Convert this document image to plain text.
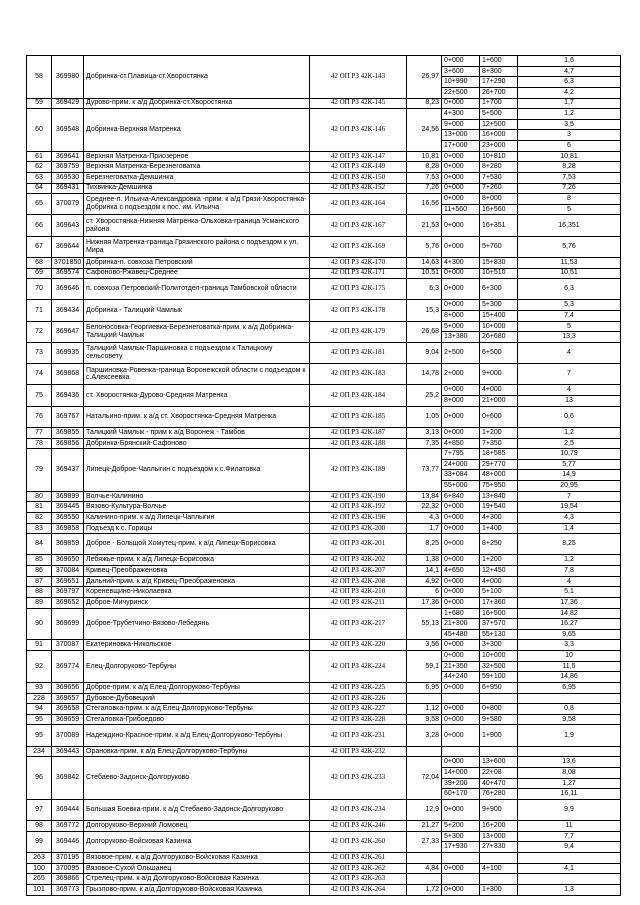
58	369980	Добринка-ст.Плавица-ст.Хворостянка	42 ОП РЗ 42К-143	26,97	0+000	1+600	1,6
					3+600	8+300	4,7
					10+990	17+290	6,3
					22+500	26+700	4,2
59	369429	Дурово-прим. к а/д Добринка-ст.Хворостянка	42 ОП РЗ 42К-145	8,23	0+000	1+700	1,7
60	369548	Добринка-Верхняя Матренка	42 ОП РЗ 42К-146	24,56	4+300	5+500	1,2
					9+000	12+500	3,5
					13+000	16+000	3
					17+000	23+000	6
61	369641	Верхняя Матренка-Приозерное	42 ОП РЗ 42К-147	10,81	0+000	10+810	10,81
62	369759	Верхняя Матренка-Березнеговатка	42 ОП РЗ 42К-149	8,28	0+000	8+280	8,28
63	369530	Березнеговатка-Демшинка	42 ОП РЗ 42К-150	7,53	0+000	7+530	7,53
64	369431	Тихвинка-Демшинка	42 ОП РЗ 42К-152	7,26	0+000	7+260	7,26
65	370079	Среднее-п. Ильича-Александровка -прим. к а/д Грязи-Хворостянка-Добринка с подъездом к пос. им. Ильича	42 ОП РЗ 42К-164	16,56	0+000	8+000	8
					11+560	16+560	5
66	369643	ст. Хворостянка-Нижняя Матренка-Ольховка-граница Усманского района	42 ОП РЗ 42К-167	21,53	0+000	16+351	16,351
67	369644	Нижняя Матренка-граница Грязинского района с подъездом к ул. Мира	42 ОП РЗ 42К-169	5,76	0+000	5+760	5,76
68	3701850	Добринка-п. совхоза Петровский	42 ОП РЗ 42К-170	14,63	4+300	15+830	11,53
69	369574	Сафоново-Ржавец-Среднее	42 ОП РЗ 42К-171	10,51	0+000	10+510	10,51
70	369646	п. совхоза Петровский-Политотдел-граница Тамбовской области	42 ОП РЗ 42К-175	6,3	0+000	6+300	6,3
71	369434	Добринка - Талицкий Чамлык	42 ОП РЗ 42К-178	15,3	0+000	5+300	5,3
					8+000	15+400	7,4
72	369647	Белоносовка-Георгиевка-Березнеговатка-прим. к а/д Добринка-Талицкий Чамлык	42 ОП РЗ 42К-179	26,68	5+000	10+000	5
					13+380	26+680	13,3
73	369935	Талицкий Чамлык-Паршиновка с подъездом к Талицкому сельсовету	42 ОП РЗ 42К-181	9,04	2+500	6+500	4
74	369868	Паршиновка-Ровенка-граница Воронежской области с подъездом к с.Алексеевка	42 ОП РЗ 42К-183	14,78	2+000	9+000	7
75	369436	ст. Хворостянка-Дурово-Средняя Матренка	42 ОП РЗ 42К-184	25,2	0+000	4+000	4
					8+000	21+000	13
76	369767	Натальино-прим. к а/д ст. Хворостянка-Средняя Матренка	42 ОП РЗ 42К-185	1,05	0+000	0+600	0,6
77	369855	Талицкий Чамлык - прим к а/д Воронеж - Тамбов	42 ОП РЗ 42К-187	3,13	0+000	1+200	1,2
78	369856	Добринка-Брянский-Сафоново	42 ОП РЗ 42К-188	7,35	4+850	7+350	2,5
79	369437	Липецк-Доброе-Чаплыгин с подъездом к с.Филатовка	42 ОП РЗ 42К-189	73,77	7+795	18+585	10,79
					24+000	29+770	5,77
					33+084	48+000	14,9
					55+000	75+950	20,95
80	369899	Волчье-Калинино	42 ОП РЗ 42К-190	13,84	6+840	13+840	7
81	369445	Вязово-Культура-Волчье	42 ОП РЗ 42К-192	22,32	0+000	19+540	19,54
82	369550	Калинино-прим. к а/д Липецк-Чаплыгин	42 ОП РЗ 42К-196	4,3	0+000	4+300	4,3
83	369858	Подъезд к с. Горицы	42 ОП РЗ 42К-200	1,7	0+000	1+400	1,4
84	369859	Доброе - Большой Хомутец-прим. к а/д Липецк-Борисовка	42 ОП РЗ 42К-201	8,25	0+000	8+250	8,25
85	369650	Лебяжье-прим. к а/д Липецк-Борисовка	42 ОП РЗ 42К-202	1,38	0+000	1+200	1,2
86	370084	Кривец-Преображеновка	42 ОП РЗ 42К-207	14,1	4+650	12+450	7,8
87	369651	Дальний-прим. к а/д Кривец-Преображеновка	42 ОП РЗ 42К-208	4,92	0+000	4+000	4
88	369797	Кореневщино-Николаевка	42 ОП РЗ 42К-210	6	0+000	5+100	5,1
89	369652	Доброе-Мичуринск	42 ОП РЗ 42К-211	17,36	0+000	17+360	17,36
90	369699	Доброе-Трубетчино-Вязово-Лебедянь	42 ОП РЗ 42К-217	55,13	1+680	16+500	14,82
					21+300	37+570	16,27
					45+480	55+130	9,65
91	370087	Екатериновка-Никольское	42 ОП РЗ 42К-220	3,56	0+000	3+300	3,3
92	369774	Елец-Долгоруково-Тербуны	42 ОП РЗ 42К-224	59,1	0+000	10+000	10
					21+350	32+500	11,5
					44+240	59+100	14,86
93	369656	Доброе-прим. к а/д Елец-Долгоруково-Тербуны	42 ОП РЗ 42К-225	6,95	0+000	6+950	6,95
228	369657	Дубовое-Дубовецкий	42 ОП РЗ 42К-226				
94	369658	Стегаловка-прим. к а/д Елец-Долгоруково-Тербуны	42 ОП РЗ 42К-227	1,12	0+000	0+800	0,8
95	369659	Стегаловка-Грибоедово	42 ОП РЗ 42К-228	9,58	0+000	9+580	9,58
95	370089	Надеждино-Красное-прим. к а/д Елец-Долгоруково-Тербуны	42 ОП РЗ 42К-231	3,28	0+000	1+900	1,9
234	369443	Орановка-прим. к а/д Елец-Долгоруково-Тербуны	42 ОП РЗ 42К-232				
96	369842	Стебаево-Задонск-Долгоруково	42 ОП РЗ 42К-233	72,04	0+000	13+600	13,6
					14+000	22+08	8,08
					39+200	40+470	1,27
					60+170	76+280	16,11
97	369444	Большая Боевка-прим. к а/д Стебаево-Задонск-Долгоруково	42 ОП РЗ 42К-234	12,9	0+000	9+900	9,9
98	369772	Долгоруково-Верхний Ломовец	42 ОП РЗ 42К-246	21,27	5+200	16+200	11
99	369446	Долгоруково-Войсковая Казинка	42 ОП РЗ 42К-260	27,33	5+300	13+000	7,7
					17+930	27+330	9,4
263	370195	Вязовое-прим. к а/д Долгоруково-Войсковая Казинка	42 ОП РЗ 42К-261				
100	370095	Вязовое-Сухой Ольшанец	42 ОП РЗ 42К-262	4,84	0+000	4+100	4,1
265	369866	Стрелец-прим. к а/д Долгоруково-Войсковая Казинка	42 ОП РЗ 42К-263				
101	369773	Грызлово-прим. к а/д Долгоруково-Войсковая Казинка	42 ОП РЗ 42К-264	1,72	0+000	1+300	1,3
